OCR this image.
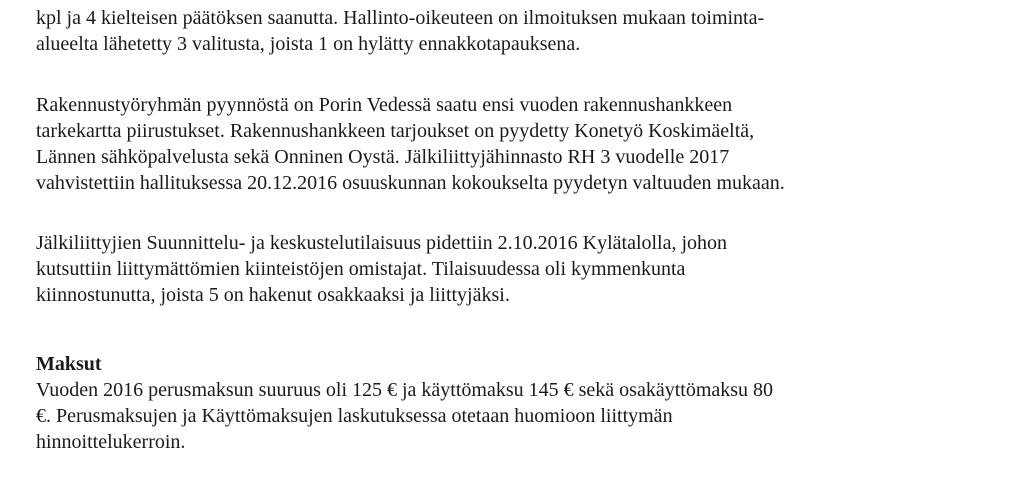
kpl ja 4 kielteisen päätöksen saanutta. Hallinto-oikeuteen on ilmoituksen mukaan toiminta-
alueelta lähetetty 3 valitusta, joista 1 on hylätty ennakkotapauksena.
Rakennustyöryhmän pyynnöstä on Porin Vedessä saatu ensi vuoden rakennushankkeen
tarkekartta piirustukset. Rakennushankkeen tarjoukset on pyydetty Konetyö Koskimäeltä,
Lännen sähköpalvelusta sekä Onninen Oystä. Jälkiliittyjähinnasto RH 3 vuodelle 2017
vahvistettiin hallituksessa 20.12.2016 osuuskunnan kokoukselta pyydetyn valtuuden mukaan.
Jälkiliittyjien Suunnittelu- ja keskustelutilaisuus pidettiin 2.10.2016 Kylätalolla, johon
kutsuttiin liittymättömien kiinteistöjen omistajat. Tilaisuudessa oli kymmenkunta
kiinnostunutta, joista 5 on hakenut osakkaaksi ja liittyjäksi.
Maksut
Vuoden 2016 perusmaksun suuruus oli 125 € ja käyttömaksu 145 € sekä osakäyttömaksu 80
€. Perusmaksujen ja Käyttömaksujen laskutuksessa otetaan huomioon liittymän
hinnoittelukerroin.
